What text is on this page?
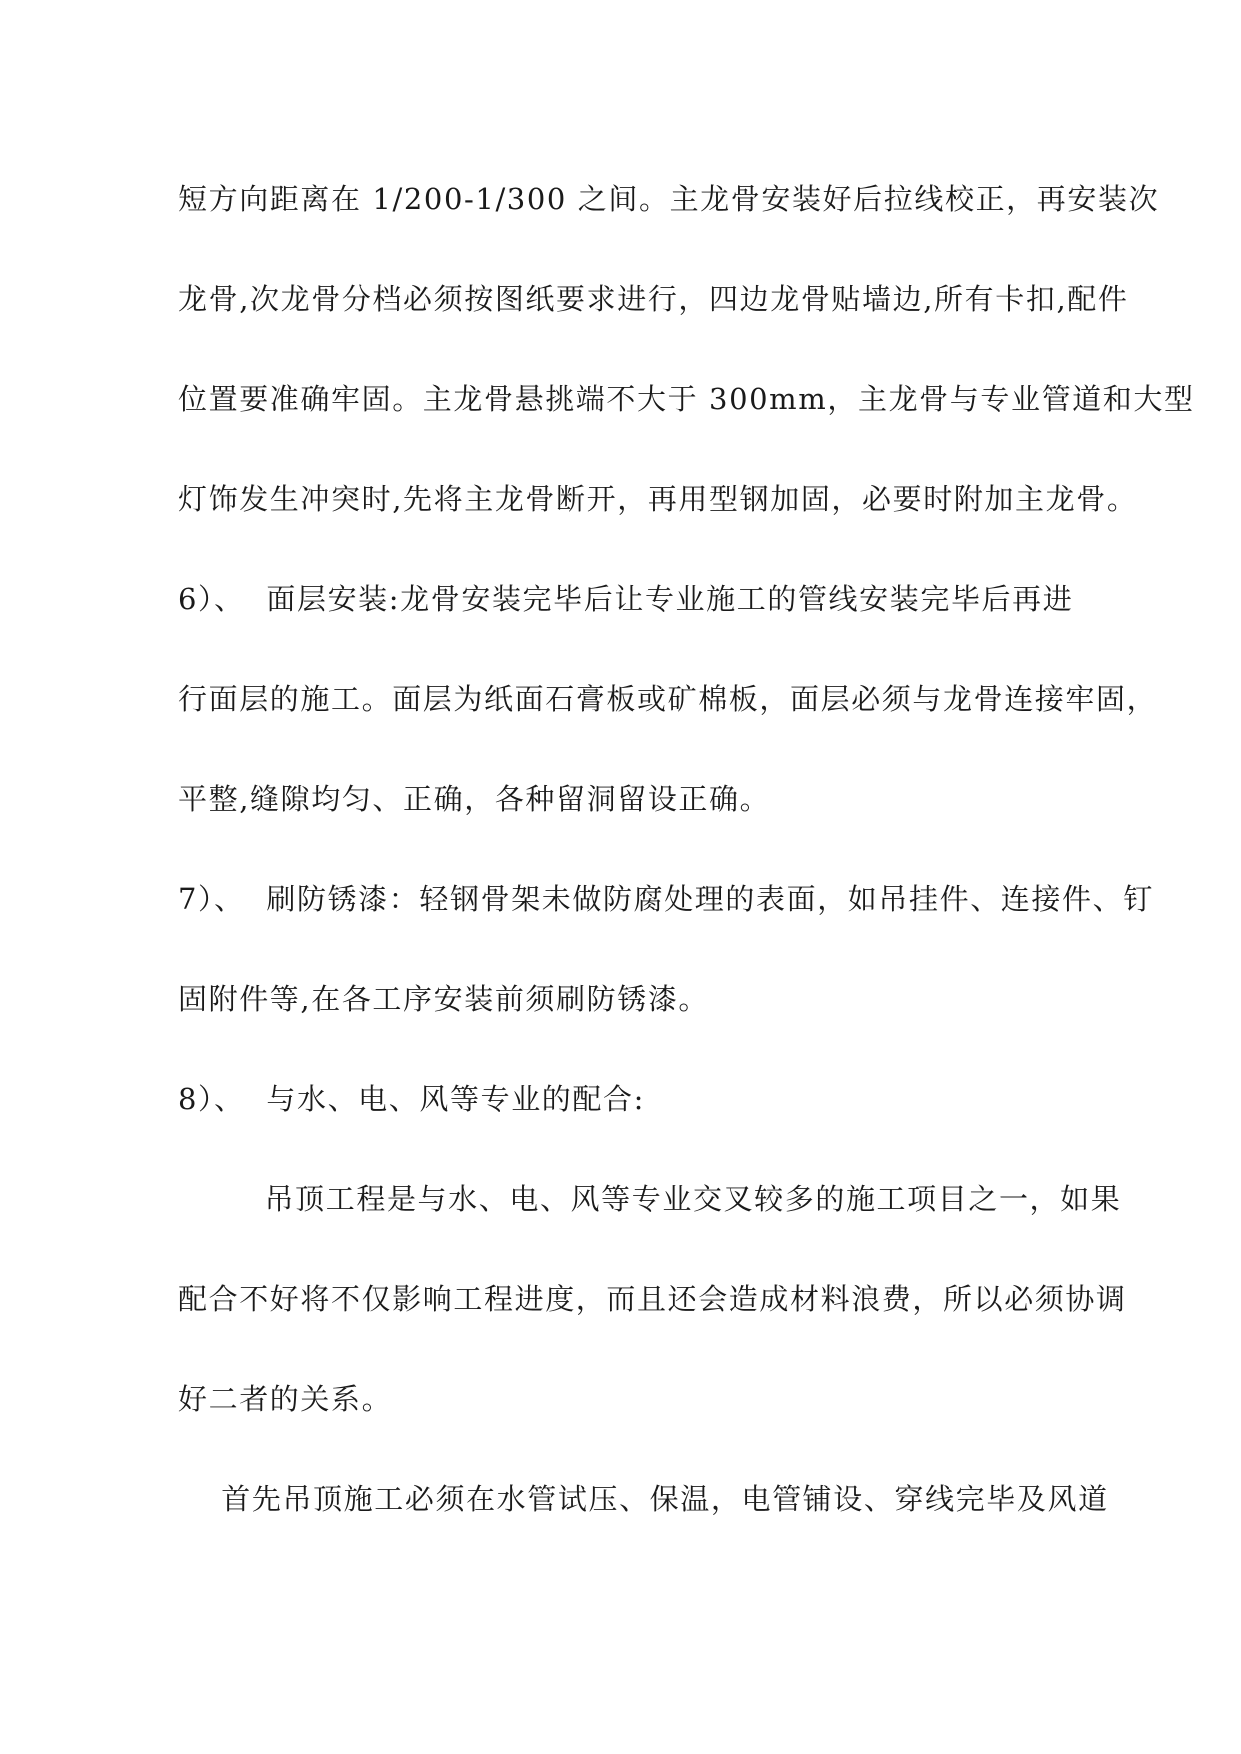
短方向距离在 1/200-1/300 之间。主龙骨安装好后拉线校正，再安装次
龙骨,次龙骨分档必须按图纸要求进行，四边龙骨贴墙边,所有卡扣,配件
位置要准确牢固。主龙骨悬挑端不大于 300mm，主龙骨与专业管道和大型
灯饰发生冲突时,先将主龙骨断开，再用型钢加固，必要时附加主龙骨。
6）、  面层安装:龙骨安装完毕后让专业施工的管线安装完毕后再进
行面层的施工。面层为纸面石膏板或矿棉板，面层必须与龙骨连接牢固，
平整,缝隙均匀、正确，各种留洞留设正确。
7）、  刷防锈漆：轻钢骨架未做防腐处理的表面，如吊挂件、连接件、钉
固附件等,在各工序安装前须刷防锈漆。
8）、  与水、电、风等专业的配合:
吊顶工程是与水、电、风等专业交叉较多的施工项目之一，如果
配合不好将不仅影响工程进度，而且还会造成材料浪费，所以必须协调
好二者的关系。
首先吊顶施工必须在水管试压、保温，电管铺设、穿线完毕及风道
